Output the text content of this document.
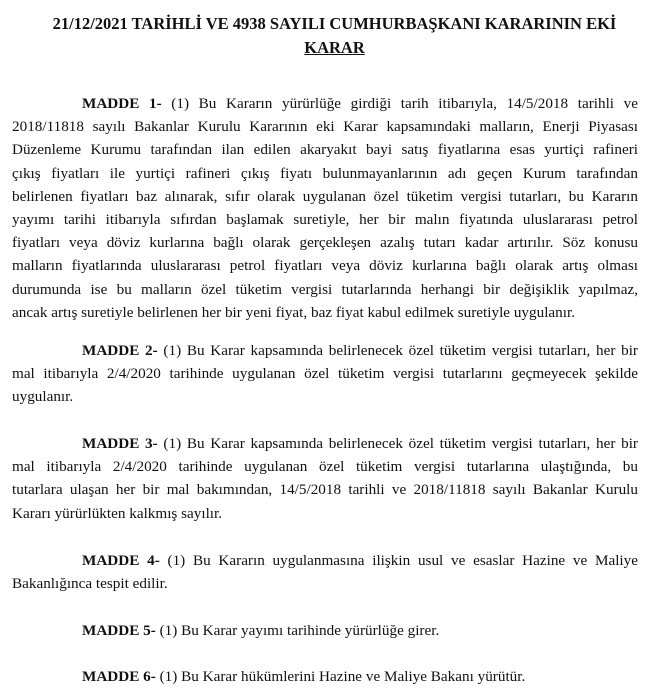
21/12/2021 TARİHLİ VE 4938 SAYILI CUMHURBAŞKANI KARARININ EKİ
KARAR
MADDE 1- (1) Bu Kararın yürürlüğe girdiği tarih itibarıyla, 14/5/2018 tarihli ve
2018/11818 sayılı Bakanlar Kurulu Kararının eki Karar kapsamındaki malların, Enerji Piyasası
Düzenleme Kurumu tarafından ilan edilen akaryakıt bayi satış fiyatlarına esas yurtiçi rafineri
çıkış fiyatları ile yurtiçi rafineri çıkış fiyatı bulunmayanlarının adı geçen Kurum tarafından
belirlenen fiyatları baz alınarak, sıfır olarak uygulanan özel tüketim vergisi tutarları, bu Kararın
yayımı tarihi itibarıyla sıfırdan başlamak suretiyle, her bir malın fiyatında uluslararası petrol
fiyatları veya döviz kurlarına bağlı olarak gerçekleşen azalış tutarı kadar artırılır. Söz konusu
malların fiyatlarında uluslararası petrol fiyatları veya döviz kurlarına bağlı olarak artış olması
durumunda ise bu malların özel tüketim vergisi tutarlarında herhangi bir değişiklik yapılmaz,
ancak artış suretiyle belirlenen her bir yeni fiyat, baz fiyat kabul edilmek suretiyle uygulanır.
MADDE 2- (1) Bu Karar kapsamında belirlenecek özel tüketim vergisi tutarları, her bir
mal itibarıyla 2/4/2020 tarihinde uygulanan özel tüketim vergisi tutarlarını geçmeyecek şekilde
uygulanır.
MADDE 3- (1) Bu Karar kapsamında belirlenecek özel tüketim vergisi tutarları, her bir
mal itibarıyla 2/4/2020 tarihinde uygulanan özel tüketim vergisi tutarlarına ulaştığında, bu
tutarlara ulaşan her bir mal bakımından, 14/5/2018 tarihli ve 2018/11818 sayılı Bakanlar Kurulu
Kararı yürürlükten kalkmış sayılır.
MADDE 4- (1) Bu Kararın uygulanmasına ilişkin usul ve esaslar Hazine ve Maliye
Bakanlığınca tespit edilir.
MADDE 5- (1) Bu Karar yayımı tarihinde yürürlüğe girer.
MADDE 6- (1) Bu Karar hükümlerini Hazine ve Maliye Bakanı yürütür.
